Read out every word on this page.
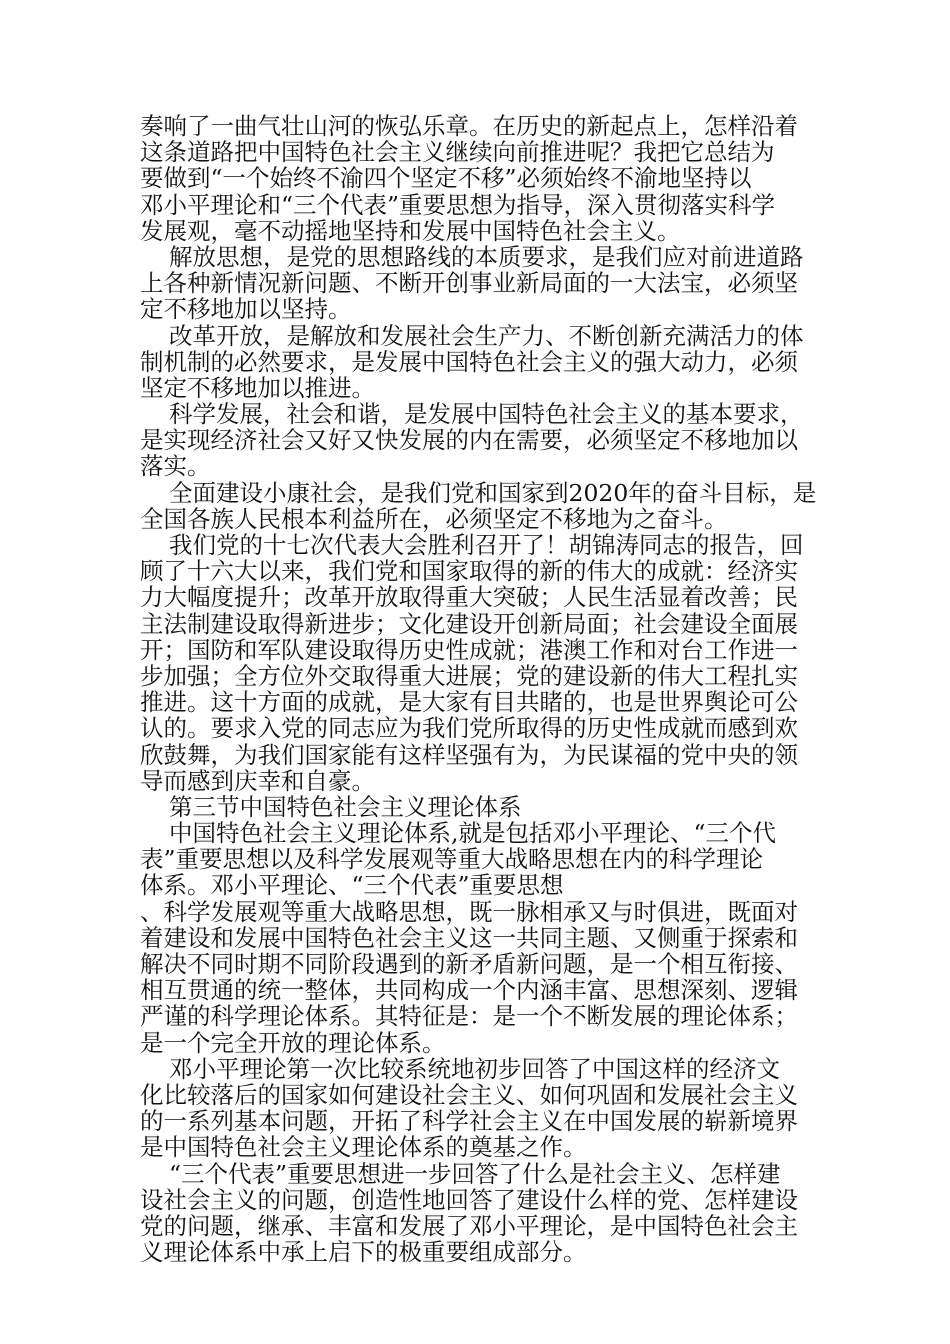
奏响了一曲气壮山河的恢弘乐章。在历史的新起点上，怎样沿着
这条道路把中国特色社会主义继续向前推进呢？我把它总结为
要做到“一个始终不渝四个坚定不移”必须始终不渝地坚持以
邓小平理论和“三个代表”重要思想为指导，深入贯彻落实科学
发展观，毫不动摇地坚持和发展中国特色社会主义。
解放思想，是党的思想路线的本质要求，是我们应对前进道路
上各种新情况新问题、不断开创事业新局面的一大法宝，必须坚
定不移地加以坚持。
改革开放，是解放和发展社会生产力、不断创新充满活力的体
制机制的必然要求，是发展中国特色社会主义的强大动力，必须
坚定不移地加以推进。
科学发展，社会和谐，是发展中国特色社会主义的基本要求，
是实现经济社会又好又快发展的内在需要，必须坚定不移地加以
落实。
全面建设小康社会，是我们党和国家到2020年的奋斗目标，是
全国各族人民根本利益所在，必须坚定不移地为之奋斗。
我们党的十七次代表大会胜利召开了！胡锦涛同志的报告，回
顾了十六大以来，我们党和国家取得的新的伟大的成就：经济实
力大幅度提升；改革开放取得重大突破；人民生活显着改善；民
主法制建设取得新进步；文化建设开创新局面；社会建设全面展
开；国防和军队建设取得历史性成就；港澳工作和对台工作进一
步加强；全方位外交取得重大进展；党的建设新的伟大工程扎实
推进。这十方面的成就，是大家有目共睹的，也是世界舆论可公
认的。要求入党的同志应为我们党所取得的历史性成就而感到欢
欣鼓舞，为我们国家能有这样坚强有为，为民谋福的党中央的领
导而感到庆幸和自豪。
第三节中国特色社会主义理论体系
中国特色社会主义理论体系,就是包括邓小平理论、“三个代
表”重要思想以及科学发展观等重大战略思想在内的科学理论
体系。邓小平理论、“三个代表”重要思想
、科学发展观等重大战略思想，既一脉相承又与时俱进，既面对
着建设和发展中国特色社会主义这一共同主题、又侧重于探索和
解决不同时期不同阶段遇到的新矛盾新问题，是一个相互衔接、
相互贯通的统一整体，共同构成一个内涵丰富、思想深刻、逻辑
严谨的科学理论体系。其特征是：是一个不断发展的理论体系；
是一个完全开放的理论体系。
邓小平理论第一次比较系统地初步回答了中国这样的经济文
化比较落后的国家如何建设社会主义、如何巩固和发展社会主义
的一系列基本问题，开拓了科学社会主义在中国发展的崭新境界
是中国特色社会主义理论体系的奠基之作。
“三个代表”重要思想进一步回答了什么是社会主义、怎样建
设社会主义的问题，创造性地回答了建设什么样的党、怎样建设
党的问题，继承、丰富和发展了邓小平理论，是中国特色社会主
义理论体系中承上启下的极重要组成部分。
